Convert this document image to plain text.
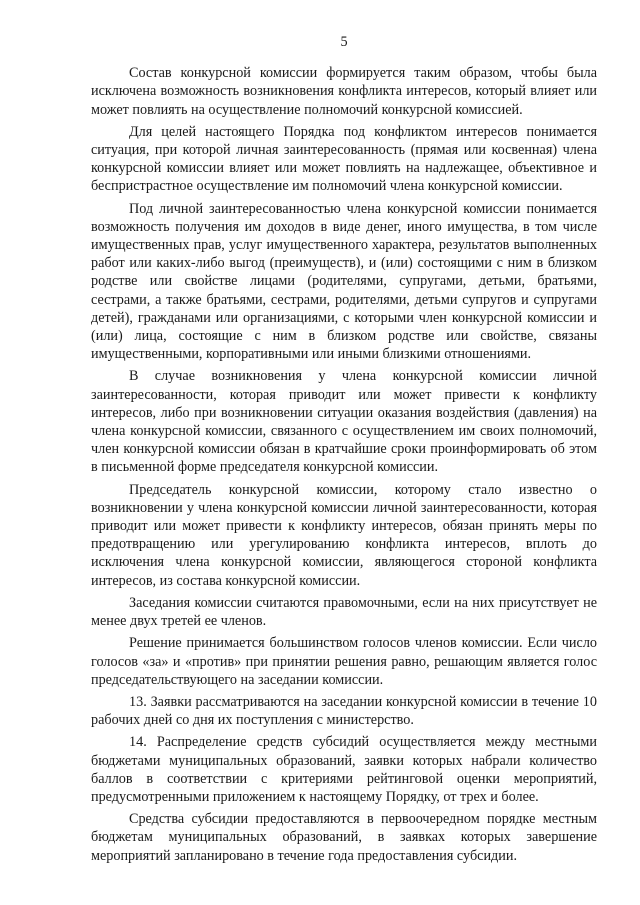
5

Состав конкурсной комиссии формируется таким образом, чтобы была исключена возможность возникновения конфликта интересов, который влияет или может повлиять на осуществление полномочий конкурсной комиссией.

Для целей настоящего Порядка под конфликтом интересов понимается ситуация, при которой личная заинтересованность (прямая или косвенная) члена конкурсной комиссии влияет или может повлиять на надлежащее, объективное и беспристрастное осуществление им полномочий члена конкурсной комиссии.

Под личной заинтересованностью члена конкурсной комиссии понимается возможность получения им доходов в виде денег, иного имущества, в том числе имущественных прав, услуг имущественного характера, результатов выполненных работ или каких-либо выгод (преимуществ), и (или) состоящими с ним в близком родстве или свойстве лицами (родителями, супругами, детьми, братьями, сестрами, а также братьями, сестрами, родителями, детьми супругов и супругами детей), гражданами или организациями, с которыми член конкурсной комиссии и (или) лица, состоящие с ним в близком родстве или свойстве, связаны имущественными, корпоративными или иными близкими отношениями.

В случае возникновения у члена конкурсной комиссии личной заинтересованности, которая приводит или может привести к конфликту интересов, либо при возникновении ситуации оказания воздействия (давления) на члена конкурсной комиссии, связанного с осуществлением им своих полномочий, член конкурсной комиссии обязан в кратчайшие сроки проинформировать об этом в письменной форме председателя конкурсной комиссии.

Председатель конкурсной комиссии, которому стало известно о возникновении у члена конкурсной комиссии личной заинтересованности, которая приводит или может привести к конфликту интересов, обязан принять меры по предотвращению или урегулированию конфликта интересов, вплоть до исключения члена конкурсной комиссии, являющегося стороной конфликта интересов, из состава конкурсной комиссии.

Заседания комиссии считаются правомочными, если на них присутствует не менее двух третей ее членов.

Решение принимается большинством голосов членов комиссии. Если число голосов «за» и «против» при принятии решения равно, решающим является голос председательствующего на заседании комиссии.

13. Заявки рассматриваются на заседании конкурсной комиссии в течение 10 рабочих дней со дня их поступления с министерство.

14. Распределение средств субсидий осуществляется между местными бюджетами муниципальных образований, заявки которых набрали количество баллов в соответствии с критериями рейтинговой оценки мероприятий, предусмотренными приложением к настоящему Порядку, от трех и более.

Средства субсидии предоставляются в первоочередном порядке местным бюджетам муниципальных образований, в заявках которых завершение мероприятий запланировано в течение года предоставления субсидии.
